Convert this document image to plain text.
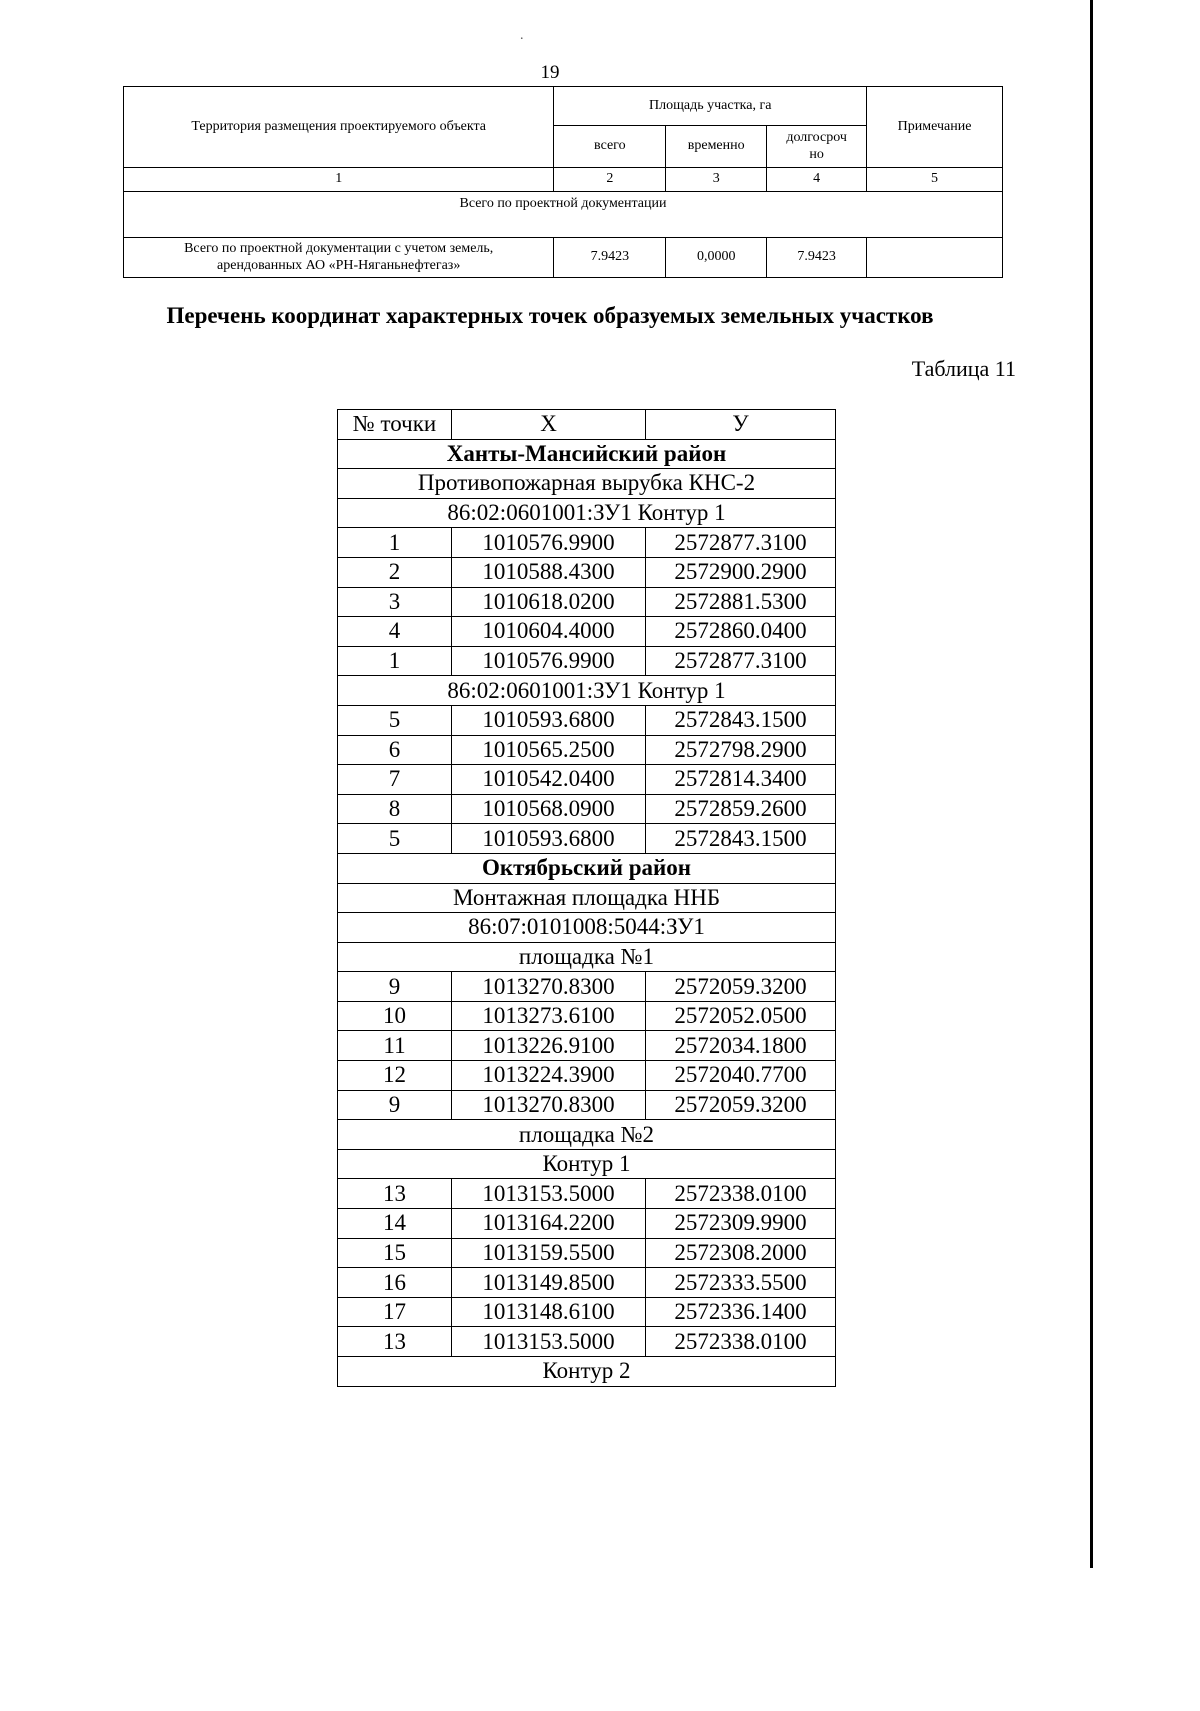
.
19
Территория размещения проектируемого объекта	Площадь участка, га			Примечание
	всего	временно	долгосроч
но	
1	2	3	4	5
Всего по проектной документации				
Всего по проектной документации с учетом земель,
арендованных АО «РН-Няганьнефтегаз»	7.9423	0,0000	7.9423	
Перечень координат характерных точек образуемых земельных участков
Таблица 11
№ точки	X	У
Ханты-Мансийский район		
Противопожарная вырубка КНС-2		
86:02:0601001:ЗУ1 Контур 1		
1	1010576.9900	2572877.3100
2	1010588.4300	2572900.2900
3	1010618.0200	2572881.5300
4	1010604.4000	2572860.0400
1	1010576.9900	2572877.3100
86:02:0601001:ЗУ1 Контур 1		
5	1010593.6800	2572843.1500
6	1010565.2500	2572798.2900
7	1010542.0400	2572814.3400
8	1010568.0900	2572859.2600
5	1010593.6800	2572843.1500
Октябрьский район		
Монтажная площадка ННБ		
86:07:0101008:5044:ЗУ1		
площадка №1		
9	1013270.8300	2572059.3200
10	1013273.6100	2572052.0500
11	1013226.9100	2572034.1800
12	1013224.3900	2572040.7700
9	1013270.8300	2572059.3200
площадка №2		
Контур 1		
13	1013153.5000	2572338.0100
14	1013164.2200	2572309.9900
15	1013159.5500	2572308.2000
16	1013149.8500	2572333.5500
17	1013148.6100	2572336.1400
13	1013153.5000	2572338.0100
Контур 2		
